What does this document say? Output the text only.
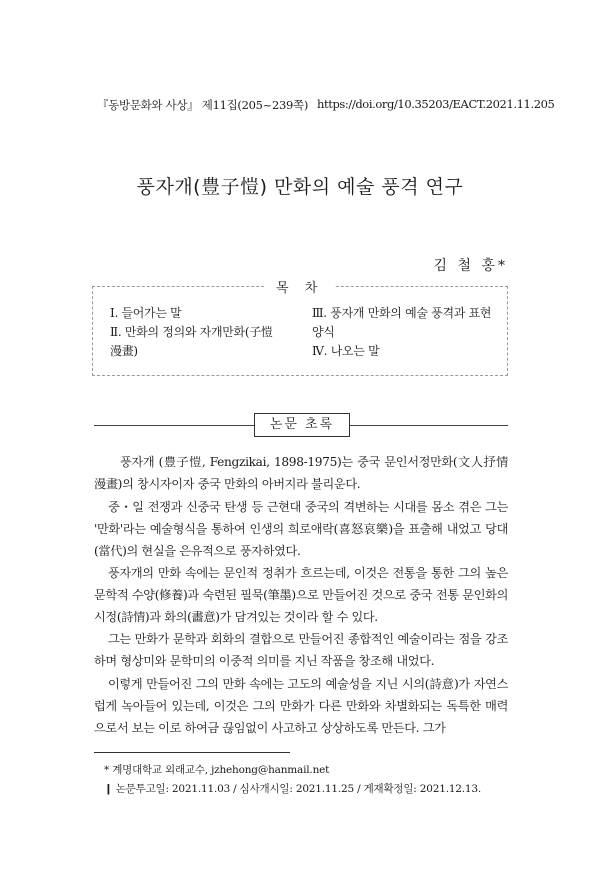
『동방문화와 사상』 제11집(205~239쪽) https://doi.org/10.35203/EACT.2021.11.205
풍자개(豊子愷) 만화의 예술 풍격 연구
김 철 홍*
목 차
Ⅰ. 들어가는 말
Ⅱ. 만화의 정의와 자개만화(子愷 漫畫)
Ⅲ. 풍자개 만화의 예술 풍격과 표현 양식
Ⅳ. 나오는 말
논문 초록
풍자개 (豊子愷, Fengzikai, 1898-1975)는 중국 문인서정만화(文人抒情漫畫)의 창시자이자 중국 만화의 아버지라 불리운다.
중・일 전쟁과 신중국 탄생 등 근현대 중국의 격변하는 시대를 몸소 겪은 그는 '만화'라는 예술형식을 통하여 인생의 희로애락(喜怒哀樂)을 표출해 내었고 당대(當代)의 현실을 은유적으로 풍자하였다.
풍자개의 만화 속에는 문인적 정취가 흐르는데, 이것은 전통을 통한 그의 높은 문학적 수양(修養)과 숙련된 필묵(筆墨)으로 만들어진 것으로 중국 전통 문인화의 시정(詩情)과 화의(畵意)가 담겨있는 것이라 할 수 있다.
그는 만화가 문학과 회화의 결합으로 만들어진 종합적인 예술이라는 점을 강조하며 형상미와 문학미의 이중적 의미를 지닌 작품을 창조해 내었다.
이렇게 만들어진 그의 만화 속에는 고도의 예술성을 지닌 시의(詩意)가 자연스럽게 녹아들어 있는데, 이것은 그의 만화가 다른 만화와 차별화되는 독특한 매력으로서 보는 이로 하여금 끊임없이 사고하고 상상하도록 만든다. 그가
* 계명대학교 외래교수, jzhehong@hanmail.net
❙ 논문투고일: 2021.11.03 / 심사개시일: 2021.11.25 / 게재확정일: 2021.12.13.
